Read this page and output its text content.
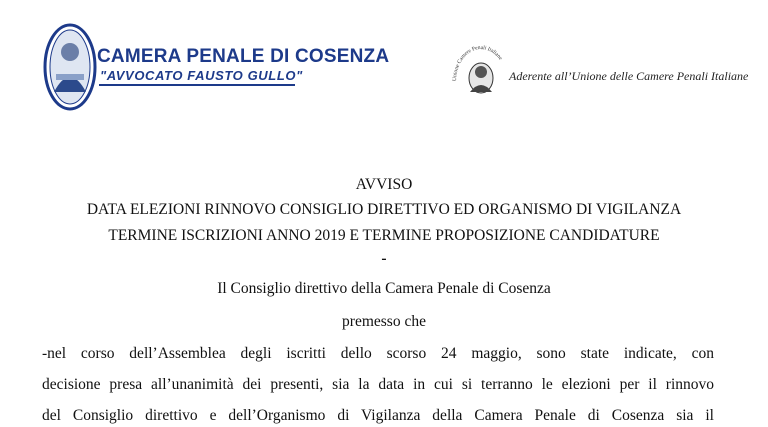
CAMERA PENALE DI COSENZA
"AVVOCATO FAUSTO GULLO"	Unione Camere Penali Italiane
Aderente all’Unione delle Camere Penali Italiane
AVVISO
DATA ELEZIONI RINNOVO CONSIGLIO DIRETTIVO ED ORGANISMO DI VIGILANZA
TERMINE ISCRIZIONI ANNO 2019 E TERMINE PROPOSIZIONE CANDIDATURE
-
Il Consiglio direttivo della Camera Penale di Cosenza
premesso che
-nel corso dell’Assemblea degli iscritti dello scorso 24 maggio, sono state indicate, con
decisione presa all’unanimità dei presenti, sia la data in cui si terranno le elezioni per il rinnovo
del Consiglio direttivo e dell’Organismo di Vigilanza della Camera Penale di Cosenza sia il
